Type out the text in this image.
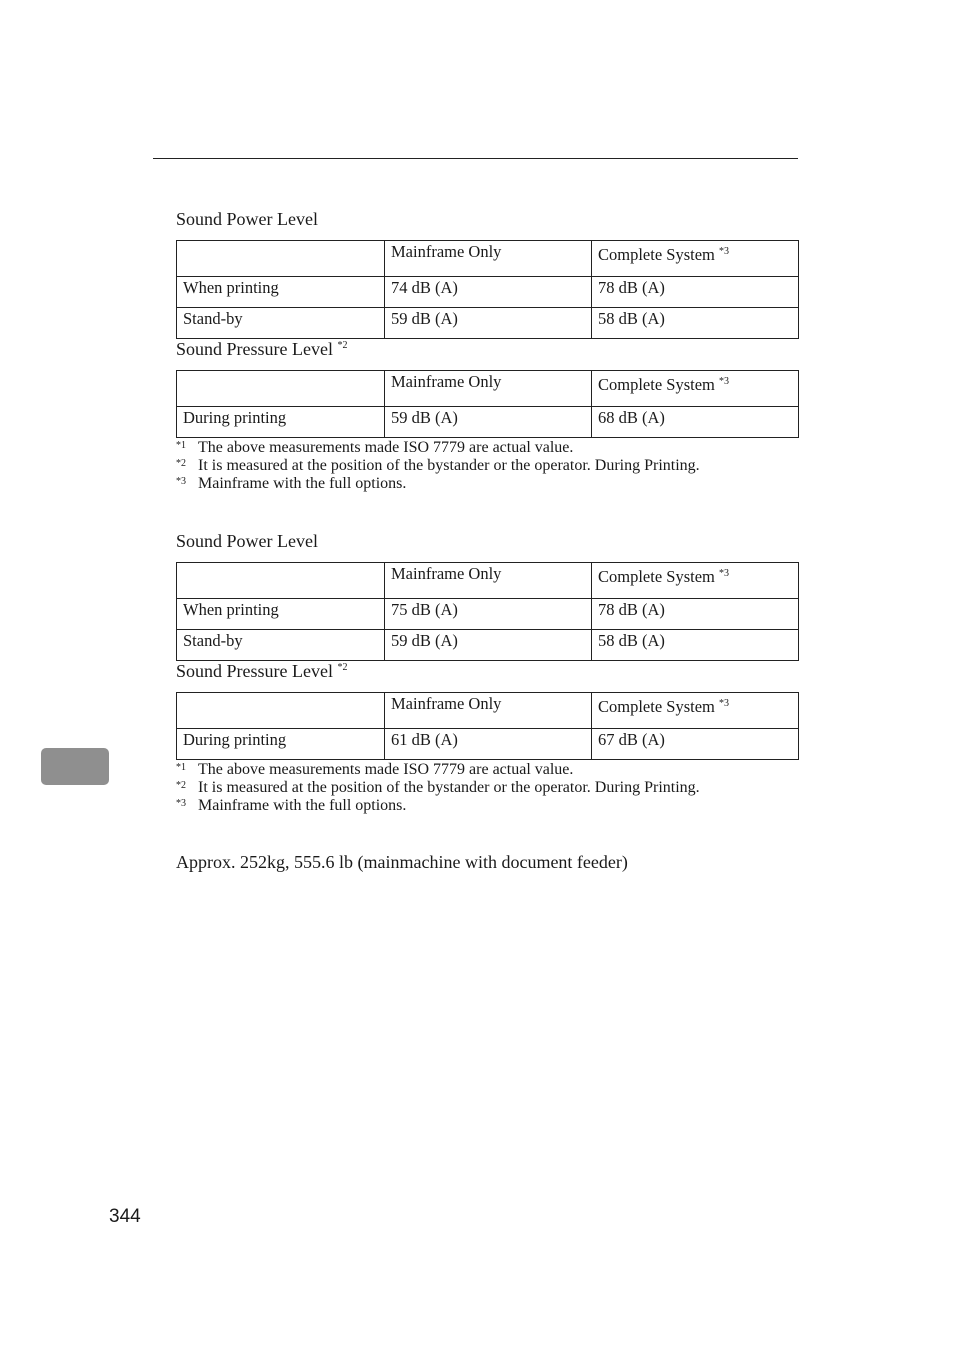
Sound Power Level
	Mainframe Only	Complete System $^{*3}$
When printing	74 dB (A)	78 dB (A)
Stand-by	59 dB (A)	58 dB (A)
Sound Pressure Level $^{*2}$
	Mainframe Only	Complete System $^{*3}$
During printing	59 dB (A)	68 dB (A)
*1 The above measurements made ISO 7779 are actual value.
*2 It is measured at the position of the bystander or the operator. During Printing.
*3 Mainframe with the full options.
Sound Power Level
	Mainframe Only	Complete System $^{*3}$
When printing	75 dB (A)	78 dB (A)
Stand-by	59 dB (A)	58 dB (A)
Sound Pressure Level $^{*2}$
	Mainframe Only	Complete System $^{*3}$
During printing	61 dB (A)	67 dB (A)
*1 The above measurements made ISO 7779 are actual value.
*2 It is measured at the position of the bystander or the operator. During Printing.
*3 Mainframe with the full options.
Approx. 252kg, 555.6 lb (mainmachine with document feeder)
344
